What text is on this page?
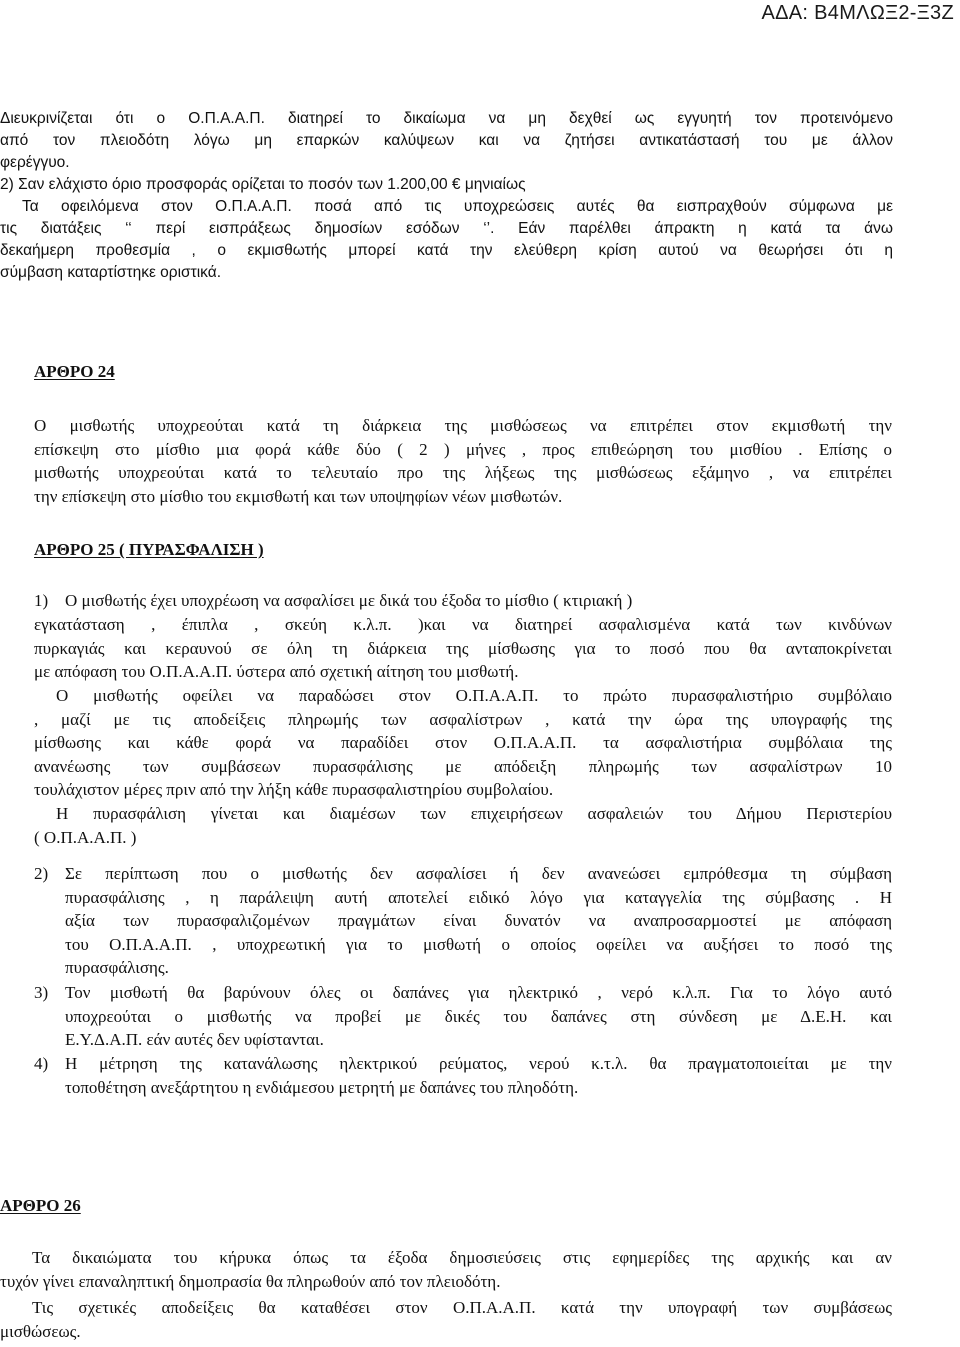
ΑΔΑ: Β4ΜΛΩΞ2-Ξ3Ζ
Διευκρινίζεται ότι ο Ο.Π.Α.Α.Π. διατηρεί το δικαίωμα να μη δεχθεί ως εγγυητή τον προτεινόμενο
από τον πλειοδότη λόγω μη επαρκών καλύψεων και να ζητήσει αντικατάστασή του με άλλον
φερέγγυο.
2) Σαν ελάχιστο όριο προσφοράς ορίζεται το ποσόν των 1.200,00 € μηνιαίως
Τα οφειλόμενα στον Ο.Π.Α.Α.Π. ποσά από τις υποχρεώσεις αυτές θα εισπραχθούν σύμφωνα με
τις διατάξεις ‘‘ περί εισπράξεως δημοσίων εσόδων ‘’. Εάν παρέλθει άπρακτη η κατά τα άνω
δεκαήμερη προθεσμία , ο εκμισθωτής μπορεί κατά την ελεύθερη κρίση αυτού να θεωρήσει ότι η
σύμβαση καταρτίστηκε οριστικά.
ΑΡΘΡΟ 24
Ο μισθωτής υποχρεούται κατά τη διάρκεια της μισθώσεως να επιτρέπει στον εκμισθωτή την
επίσκεψη στο μίσθιο μια φορά κάθε δύο ( 2 ) μήνες , προς επιθεώρηση του μισθίου . Επίσης ο
μισθωτής υποχρεούται κατά το τελευταίο προ της λήξεως της μισθώσεως εξάμηνο , να επιτρέπει
την επίσκεψη στο μίσθιο του εκμισθωτή και των υποψηφίων νέων μισθωτών.
ΑΡΘΡΟ 25 ( ΠΥΡΑΣΦΑΛΙΣΗ )
1) Ο μισθωτής έχει υποχρέωση να ασφαλίσει με δικά του έξοδα το μίσθιο ( κτιριακή )
εγκατάσταση , έπιπλα , σκεύη κ.λ.π. )και να διατηρεί ασφαλισμένα κατά των κινδύνων
πυρκαγιάς και κεραυνού σε όλη τη διάρκεια της μίσθωσης για το ποσό που θα ανταποκρίνεται
με απόφαση του Ο.Π.Α.Α.Π. ύστερα από σχετική αίτηση του μισθωτή.
Ο μισθωτής οφείλει να παραδώσει στον Ο.Π.Α.Α.Π. το πρώτο πυρασφαλιστήριο συμβόλαιο
, μαζί με τις αποδείξεις πληρωμής των ασφαλίστρων , κατά την ώρα της υπογραφής της
μίσθωσης και κάθε φορά να παραδίδει στον Ο.Π.Α.Α.Π. τα ασφαλιστήρια συμβόλαια της
ανανέωσης των συμβάσεων πυρασφάλισης με απόδειξη πληρωμής των ασφαλίστρων 10
τουλάχιστον μέρες πριν από την λήξη κάθε πυρασφαλιστηρίου συμβολαίου.
Η πυρασφάλιση γίνεται και διαμέσων των επιχειρήσεων ασφαλειών του Δήμου Περιστερίου
( Ο.Π.Α.Α.Π. )
2) Σε περίπτωση που ο μισθωτής δεν ασφαλίσει ή δεν ανανεώσει εμπρόθεσμα τη σύμβαση
πυρασφάλισης , η παράλειψη αυτή αποτελεί ειδικό λόγο για καταγγελία της σύμβασης . Η
αξία των πυρασφαλιζομένων πραγμάτων είναι δυνατόν να αναπροσαρμοστεί με απόφαση
του Ο.Π.Α.Α.Π. , υποχρεωτική για το μισθωτή ο οποίος οφείλει να αυξήσει το ποσό της
πυρασφάλισης.
3) Τον μισθωτή θα βαρύνουν όλες οι δαπάνες για ηλεκτρικό , νερό κ.λ.π. Για το λόγο αυτό
υποχρεούται ο μισθωτής να προβεί με δικές του δαπάνες στη σύνδεση με Δ.Ε.Η. και
Ε.Υ.Δ.Α.Π. εάν αυτές δεν υφίστανται.
4) Η μέτρηση της κατανάλωσης ηλεκτρικού ρεύματος, νερού κ.τ.λ. θα πραγματοποιείται με την
τοποθέτηση ανεξάρτητου η ενδιάμεσου μετρητή με δαπάνες του πληοδότη.
ΑΡΘΡΟ 26
Τα δικαιώματα του κήρυκα όπως τα έξοδα δημοσιεύσεις στις εφημερίδες της αρχικής και αν
τυχόν γίνει επαναληπτική δημοπρασία θα πληρωθούν από τον πλειοδότη.
Τις σχετικές αποδείξεις θα καταθέσει στον Ο.Π.Α.Α.Π. κατά την υπογραφή των συμβάσεως
μισθώσεως.
